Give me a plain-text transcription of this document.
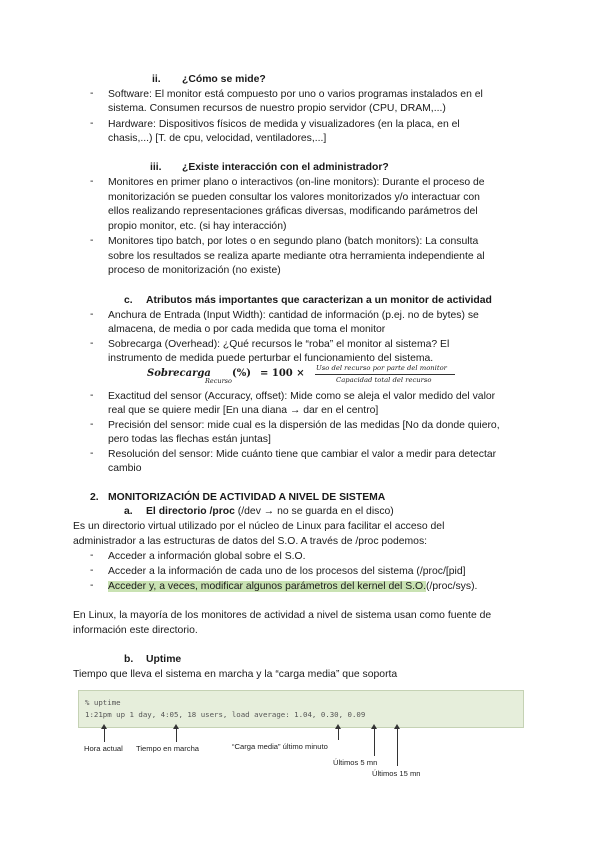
ii. ¿Cómo se mide?
- Software: El monitor está compuesto por uno o varios programas instalados en el
sistema. Consumen recursos de nuestro propio servidor (CPU, DRAM,...)
- Hardware: Dispositivos físicos de medida y visualizadores (en la placa, en el
chasis,...) [T. de cpu, velocidad, ventiladores,...]
iii. ¿Existe interacción con el administrador?
- Monitores en primer plano o interactivos (on-line monitors): Durante el proceso de
monitorización se pueden consultar los valores monitorizados y/o interactuar con
ellos realizando representaciones gráficas diversas, modificando parámetros del
propio monitor, etc. (si hay interacción)
- Monitores tipo batch, por lotes o en segundo plano (batch monitors): La consulta
sobre los resultados se realiza aparte mediante otra herramienta independiente al
proceso de monitorización (no existe)
c. Atributos más importantes que caracterizan a un monitor de actividad
- Anchura de Entrada (Input Width): cantidad de información (p.ej. no de bytes) se
almacena, de media o por cada medida que toma el monitor
- Sobrecarga (Overhead): ¿Qué recursos le “roba” el monitor al sistema? El
instrumento de medida puede perturbar el funcionamiento del sistema.
Sobrecarga
Recurso
(%) = 100 × Uso del recurso por parte del monitor
Capacidad total del recurso
- Exactitud del sensor (Accuracy, offset): Mide como se aleja el valor medido del valor
real que se quiere medir [En una diana → dar en el centro]
- Precisión del sensor: mide cual es la dispersión de las medidas [No da donde quiero,
pero todas las flechas están juntas]
- Resolución del sensor: Mide cuánto tiene que cambiar el valor a medir para detectar
cambio
2. MONITORIZACIÓN DE ACTIVIDAD A NIVEL DE SISTEMA
a. El directorio /proc (/dev → no se guarda en el disco)
Es un directorio virtual utilizado por el núcleo de Linux para facilitar el acceso del
administrador a las estructuras de datos del S.O. A través de /proc podemos:
- Acceder a información global sobre el S.O.
- Acceder a la información de cada uno de los procesos del sistema (/proc/[pid]
- Acceder y, a veces, modificar algunos parámetros del kernel del S.O.(/proc/sys).
En Linux, la mayoría de los monitores de actividad a nivel de sistema usan como fuente de
información este directorio.
b. Uptime
Tiempo que lleva el sistema en marcha y la “carga media” que soporta
% uptime
1:21pm up 1 day, 4:05, 18 users, load average: 1.04, 0.30, 0.09
Hora actual Tiempo en marcha	“Carga media” último minuto
Últimos 5 mn
Últimos 15 mn
